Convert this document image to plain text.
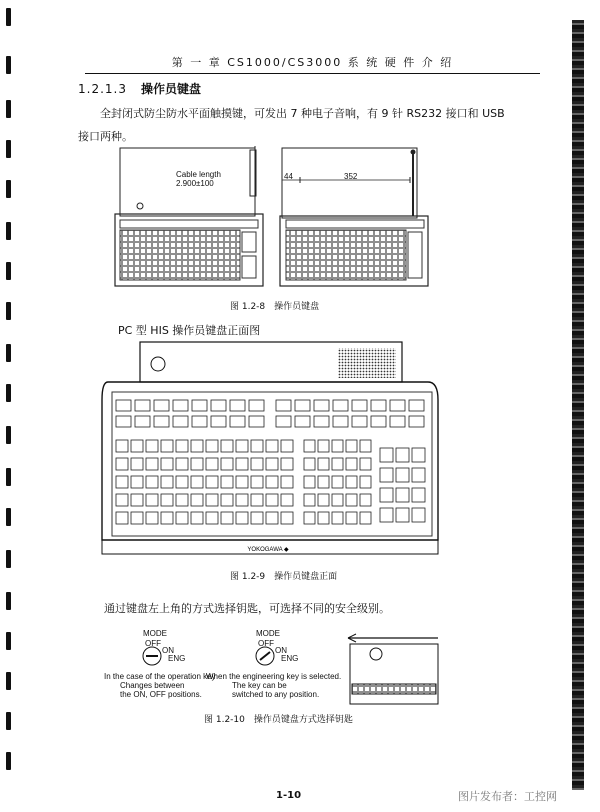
第 一 章 CS1000/CS3000 系 统 硬 件 介 绍
1.2.1.3 操作员键盘
全封闭式防尘防水平面触摸键，可发出 7 种电子音响，有 9 针 RS232 接口和 USB 接口两种。
Cable length
2.900±100
44	352
图 1.2-8　操作员键盘
PC 型 HIS 操作员键盘正面图
YOKOGAWA ◆
图 1.2-9　操作员键盘正面
通过键盘左上角的方式选择钥匙，可选择不同的安全级别。
MODE
OFF
ON
ENG
MODE
OFF
ON
ENG
In the case of the operation key
Changes between
the ON, OFF positions.
When the engineering key is selected.
The key can be
switched to any position.
图 1.2-10　操作员键盘方式选择钥匙
1-10	图片发布者：工控网
